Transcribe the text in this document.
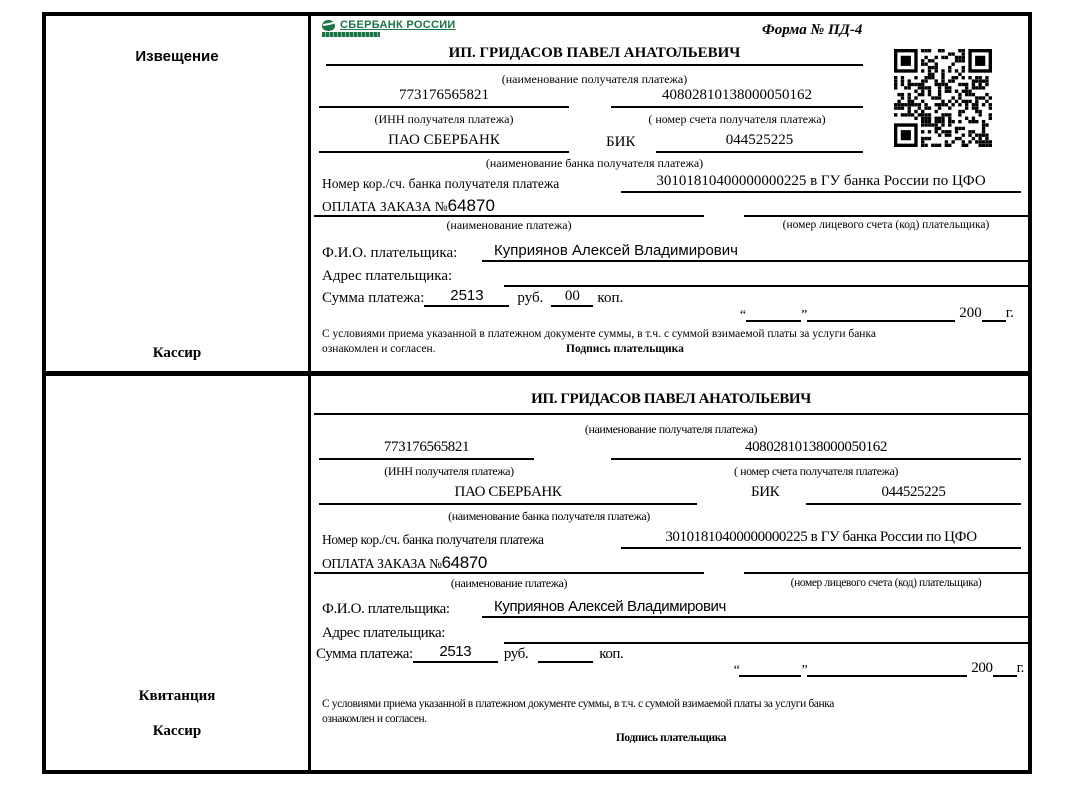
Извещение
Кассир
СБЕРБАНК РОССИИ	Форма № ПД-4
ИП. ГРИДАСОВ ПАВЕЛ АНАТОЛЬЕВИЧ
(наименование получателя платежа)
773176565821	40802810138000050162
(ИНН получателя платежа)	( номер счета получателя платежа)
ПАО СБЕРБАНК	БИК	044525225
(наименование банка получателя платежа)
Номер кор./сч. банка получателя платежа	30101810400000000225 в ГУ банка России по ЦФО
ОПЛАТА ЗАКАЗА № 64870
(наименование платежа)	(номер лицевого счета (код) плательщика)
Ф.И.О. плательщика:	Куприянов Алексей Владимирович
Адрес плательщика:
Сумма платежа:	2513	руб.	00	коп.
“	”	200 г.
С условиями приема указанной в платежном документе суммы, в т.ч. с суммой взимаемой платы за услуги банка
ознакомлен и согласен.	Подпись плательщика
Квитанция
Кассир
ИП. ГРИДАСОВ ПАВЕЛ АНАТОЛЬЕВИЧ
(наименование получателя платежа)
773176565821	40802810138000050162
(ИНН получателя платежа)	( номер счета получателя платежа)
ПАО СБЕРБАНК	БИК	044525225
(наименование банка получателя платежа)
Номер кор./сч. банка получателя платежа	30101810400000000225 в ГУ банка России по ЦФО
ОПЛАТА ЗАКАЗА № 64870
(наименование платежа)	(номер лицевого счета (код) плательщика)
Ф.И.О. плательщика:	Куприянов Алексей Владимирович
Адрес плательщика:
Сумма платежа:	2513	руб.	коп.
“	”	200 г.
С условиями приема указанной в платежном документе суммы, в т.ч. с суммой взимаемой платы за услуги банка
ознакомлен и согласен.
Подпись плательщика
